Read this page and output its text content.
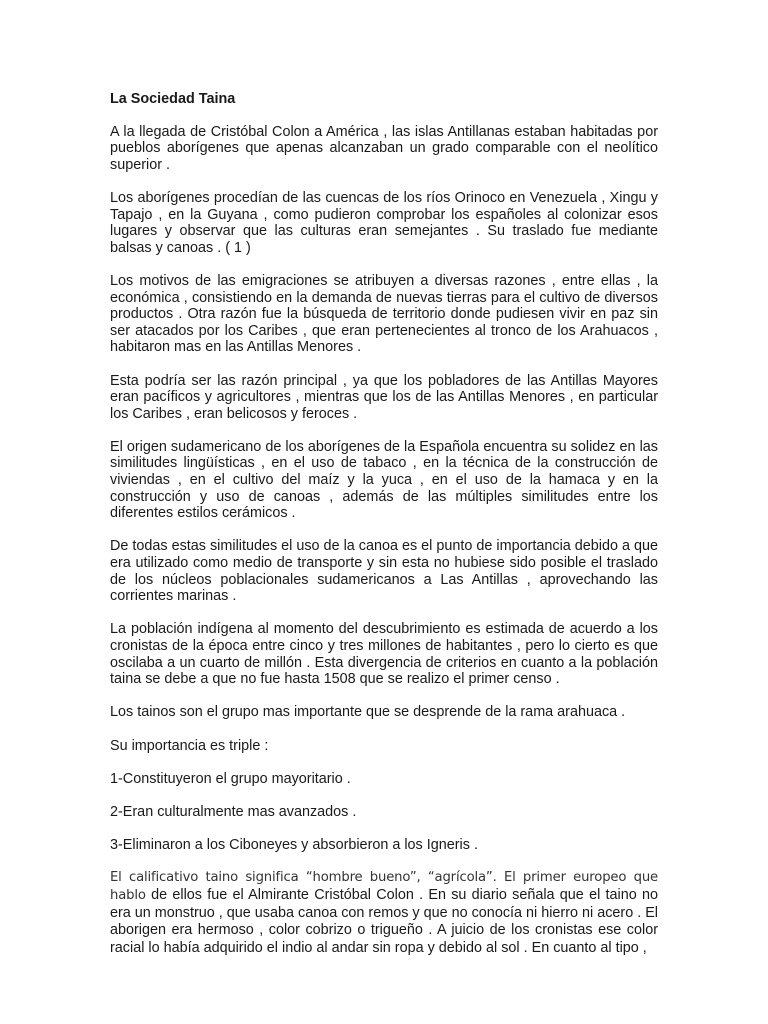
La Sociedad Taina

A la llegada de Cristóbal Colon a América , las islas Antillanas estaban habitadas por pueblos aborígenes que apenas alcanzaban un grado comparable con el neolítico superior .

Los aborígenes procedían de las cuencas de los ríos Orinoco en Venezuela , Xingu y Tapajo , en la Guyana , como pudieron comprobar los españoles al colonizar esos lugares y observar que las culturas eran semejantes . Su traslado fue mediante balsas y canoas . ( 1 )

Los motivos de las emigraciones se atribuyen a diversas razones , entre ellas , la económica , consistiendo en la demanda de nuevas tierras para el cultivo de diversos productos . Otra razón fue la búsqueda de territorio donde pudiesen vivir en paz sin ser atacados por los Caribes , que eran pertenecientes al tronco de los Arahuacos , habitaron mas en las Antillas Menores .

Esta podría ser las razón principal , ya que los pobladores de las Antillas Mayores eran pacíficos y agricultores , mientras que los de las Antillas Menores , en particular los Caribes , eran belicosos y feroces .

El origen sudamericano de los aborígenes de la Española encuentra su solidez en las similitudes lingüísticas , en el uso de tabaco , en la técnica de la construcción de viviendas , en el cultivo del maíz y la yuca , en el uso de la hamaca y en la construcción y uso de canoas , además de las múltiples similitudes entre los diferentes estilos cerámicos .

De todas estas similitudes el uso de la canoa es el punto de importancia debido a que era utilizado como medio de transporte y sin esta no hubiese sido posible el traslado de los núcleos poblacionales sudamericanos a Las Antillas , aprovechando las corrientes marinas .

La población indígena al momento del descubrimiento es estimada de acuerdo a los cronistas de la época entre cinco y tres millones de habitantes , pero lo cierto es que oscilaba a un cuarto de millón . Esta divergencia de criterios en cuanto a la población taina se debe a que no fue hasta 1508 que se realizo el primer censo .

Los tainos son el grupo mas importante que se desprende de la rama arahuaca .

Su importancia es triple :

1-Constituyeron el grupo mayoritario .

2-Eran culturalmente mas avanzados .

3-Eliminaron a los Ciboneyes y absorbieron a los Igneris .

El calificativo taino significa “hombre bueno”, “agrícola”. El primer europeo que hablo de ellos fue el Almirante Cristóbal Colon . En su diario señala que el taino no era un monstruo , que usaba canoa con remos y que no conocía ni hierro ni acero . El aborigen era hermoso , color cobrizo o trigueño . A juicio de los cronistas ese color racial lo había adquirido el indio al andar sin ropa y debido al sol . En cuanto al tipo ,
